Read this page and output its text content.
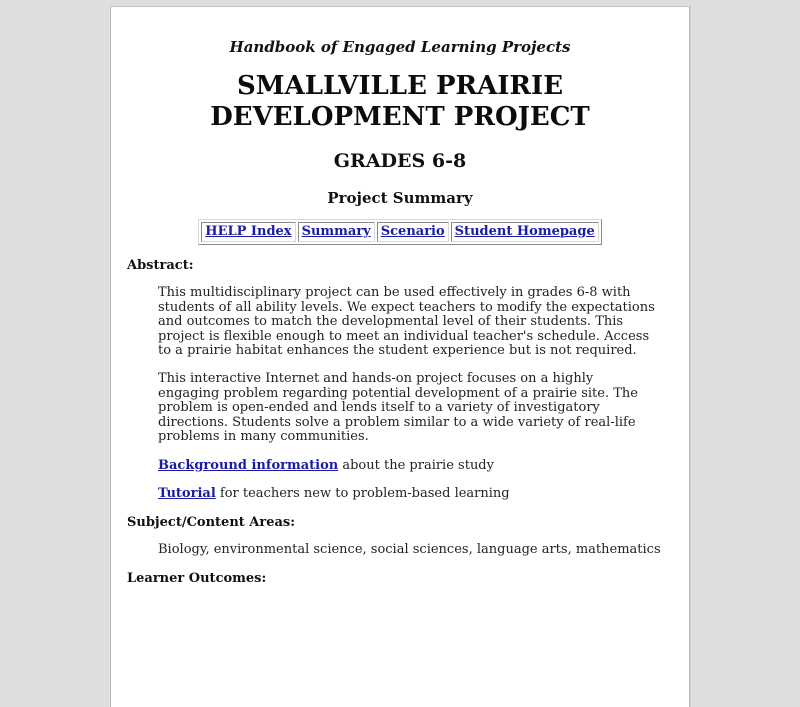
Handbook of Engaged Learning Projects
SMALLVILLE PRAIRIE
DEVELOPMENT PROJECT
GRADES 6-8
Project Summary
HELP Index	Summary	Scenario	Student Homepage
Abstract:

This multidisciplinary project can be used effectively in grades 6-8 with students of all ability levels. We expect teachers to modify the expectations and outcomes to match the developmental level of their students. This project is flexible enough to meet an individual teacher's schedule. Access to a prairie habitat enhances the student experience but is not required.

This interactive Internet and hands-on project focuses on a highly engaging problem regarding potential development of a prairie site. The problem is open-ended and lends itself to a variety of investigatory directions. Students solve a problem similar to a wide variety of real-life problems in many communities.

Background information about the prairie study

Tutorial for teachers new to problem-based learning

Subject/Content Areas:

Biology, environmental science, social sciences, language arts, mathematics

Learner Outcomes:
